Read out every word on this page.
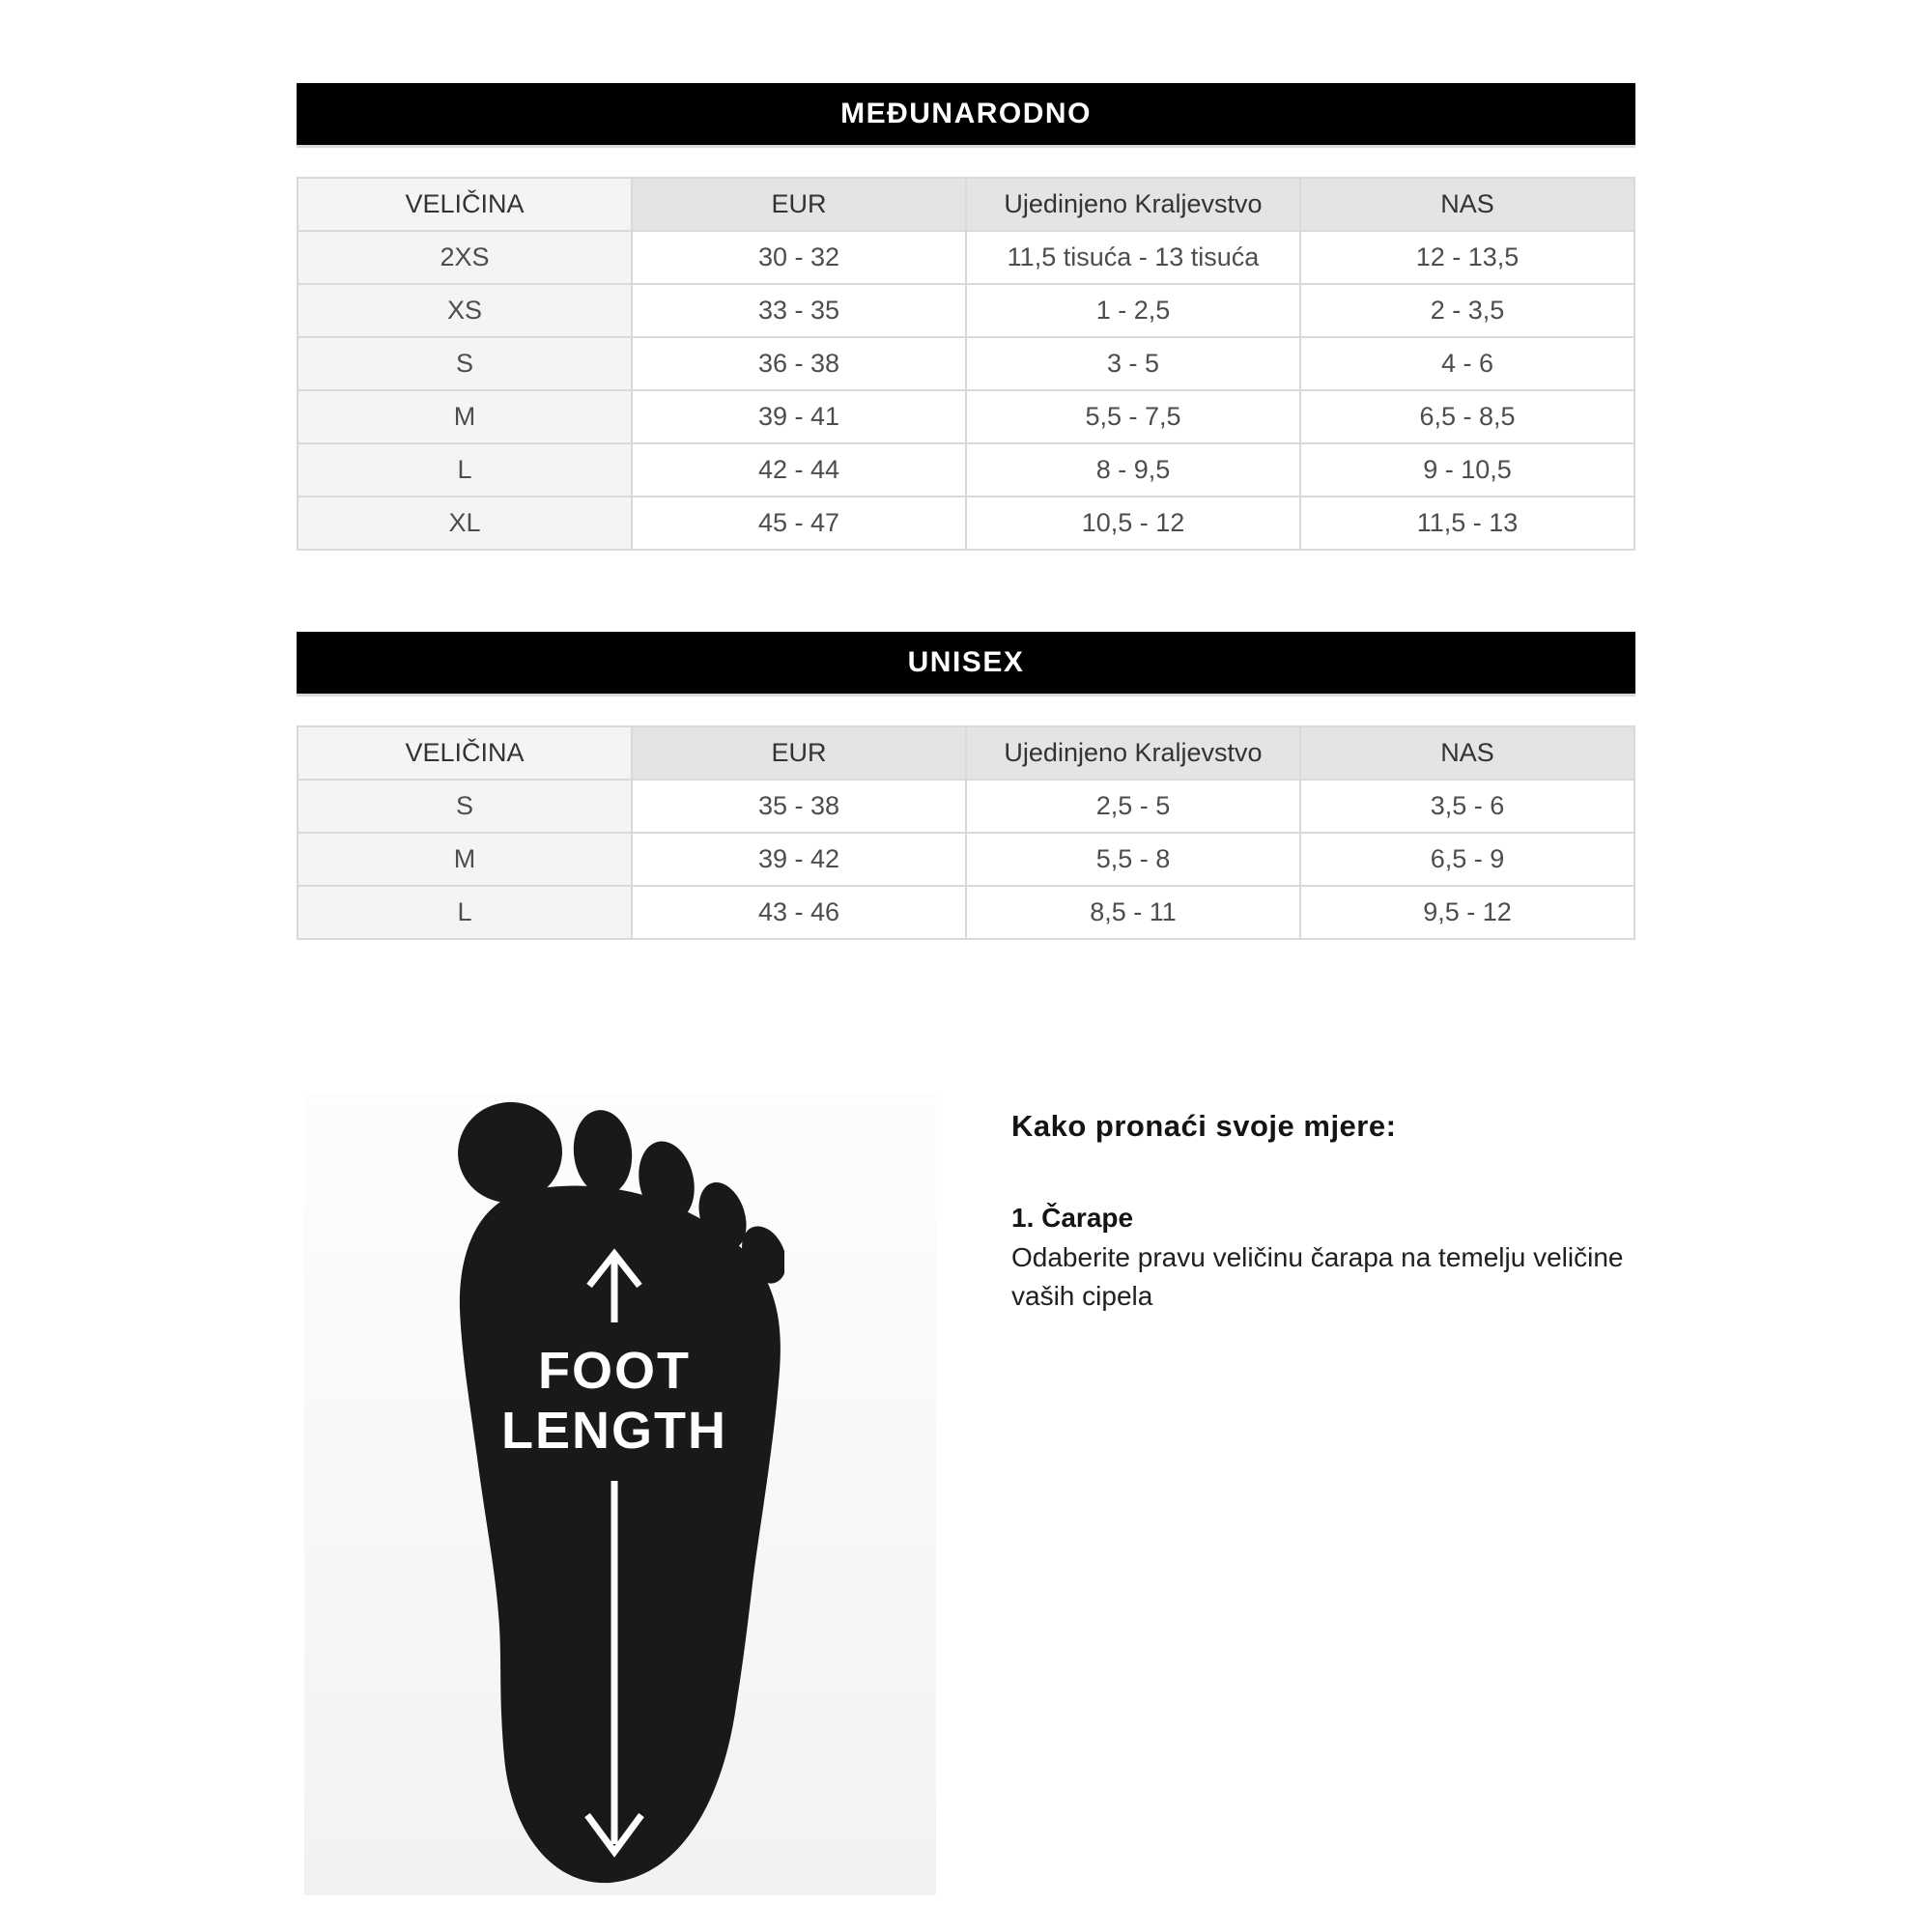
MEĐUNARODNO
VELIČINA	EUR	Ujedinjeno Kraljevstvo	NAS
2XS	30 - 32	11,5 tisuća - 13 tisuća	12 - 13,5
XS	33 - 35	1 - 2,5	2 - 3,5
S	36 - 38	3 - 5	4 - 6
M	39 - 41	5,5 - 7,5	6,5 - 8,5
L	42 - 44	8 - 9,5	9 - 10,5
XL	45 - 47	10,5 - 12	11,5 - 13
UNISEX
VELIČINA	EUR	Ujedinjeno Kraljevstvo	NAS
S	35 - 38	2,5 - 5	3,5 - 6
M	39 - 42	5,5 - 8	6,5 - 9
L	43 - 46	8,5 - 11	9,5 - 12
FOOT
LENGTH
Kako pronaći svoje mjere:

1. Čarape

Odaberite pravu veličinu čarapa na temelju veličine vaših cipela
